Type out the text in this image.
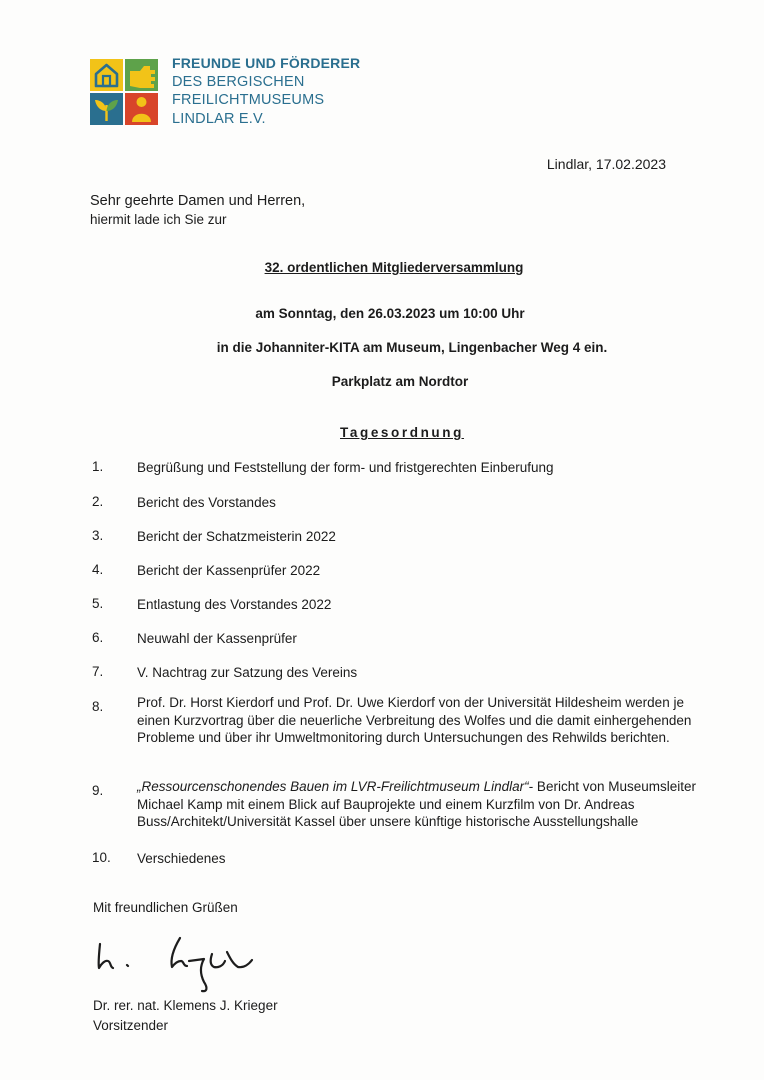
FREUNDE UND FÖRDERER
DES BERGISCHEN
FREILICHTMUSEUMS
LINDLAR E.V.
Lindlar, 17.02.2023
Sehr geehrte Damen und Herren,
hiermit lade ich Sie zur
32. ordentlichen Mitgliederversammlung
am Sonntag, den 26.03.2023 um 10:00 Uhr
in die Johanniter-KITA am Museum, Lingenbacher Weg 4 ein.
Parkplatz am Nordtor
Tagesordnung
1. Begrüßung und Feststellung der form- und fristgerechten Einberufung
2. Bericht des Vorstandes
3. Bericht der Schatzmeisterin 2022
4. Bericht der Kassenprüfer 2022
5. Entlastung des Vorstandes 2022
6. Neuwahl der Kassenprüfer
7. V. Nachtrag zur Satzung des Vereins
8. Prof. Dr. Horst Kierdorf und Prof. Dr. Uwe Kierdorf von der Universität Hildesheim werden je einen Kurzvortrag über die neuerliche Verbreitung des Wolfes und die damit einhergehenden Probleme und über ihr Umweltmonitoring durch Untersuchungen des Rehwilds berichten.
9. „Ressourcenschonendes Bauen im LVR-Freilichtmuseum Lindlar“- Bericht von Museumsleiter Michael Kamp mit einem Blick auf Bauprojekte und einem Kurzfilm von Dr. Andreas Buss/Architekt/Universität Kassel über unsere künftige historische Ausstellungshalle
10. Verschiedenes
Mit freundlichen Grüßen
Dr. rer. nat. Klemens J. Krieger
Vorsitzender
